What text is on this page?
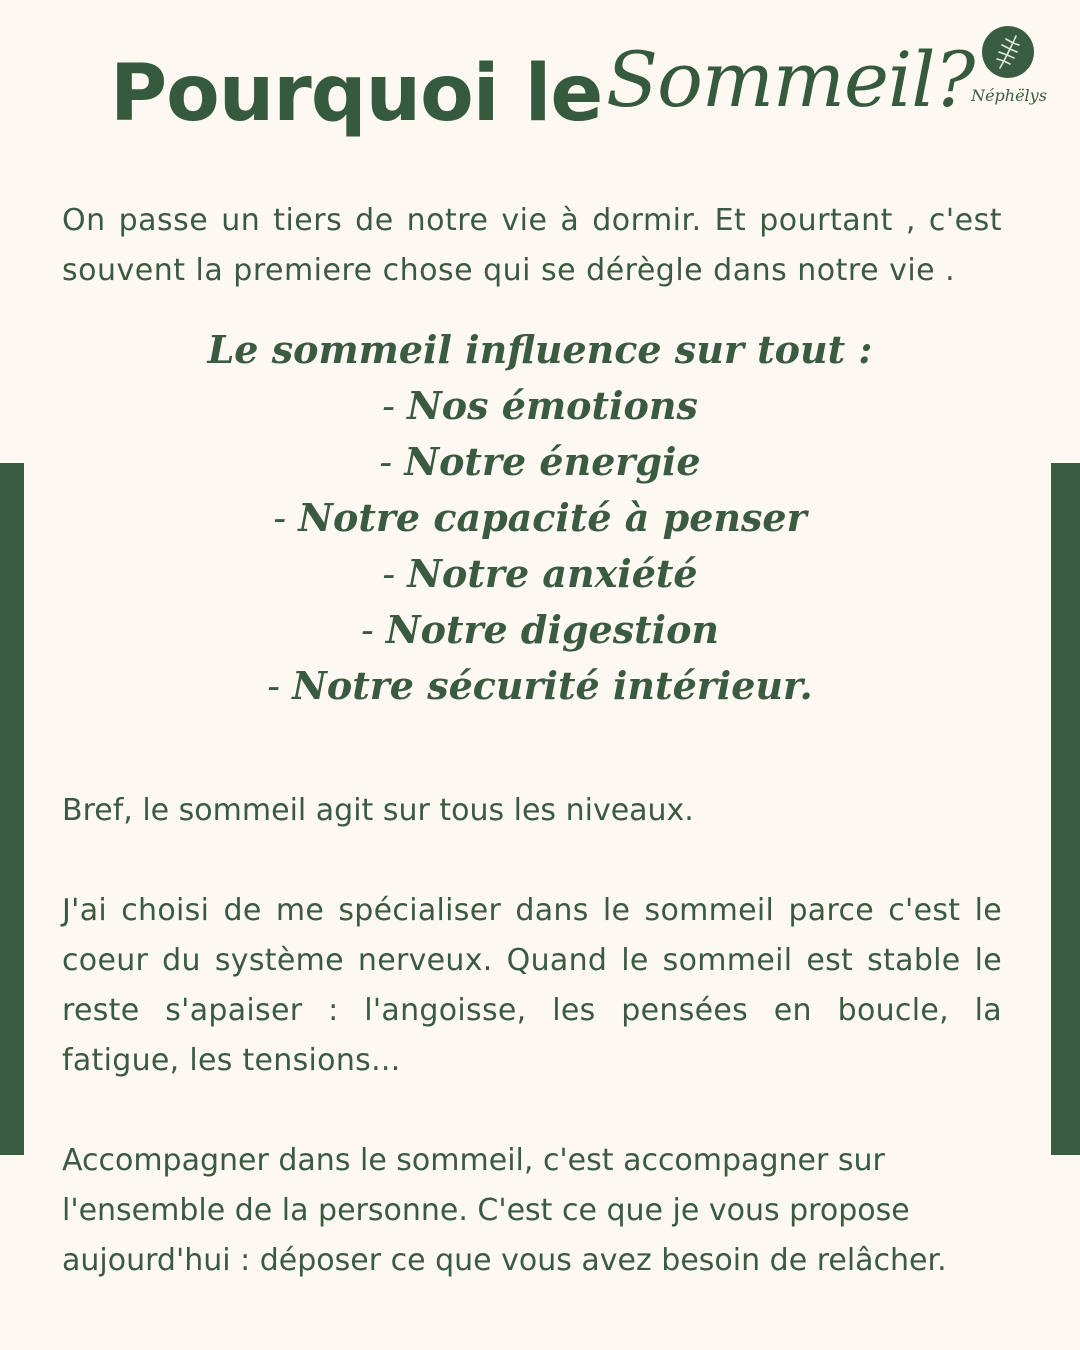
Pourquoi le Sommeil?
Néphëlys

On passe un tiers de notre vie à dormir. Et pourtant , c'est souvent la premiere chose qui se dérègle dans notre vie .

Le sommeil influence sur tout :
- Nos émotions
- Notre énergie
- Notre capacité à penser
- Notre anxiété
- Notre digestion
- Notre sécurité intérieur.

Bref, le sommeil agit sur tous les niveaux.

J'ai choisi de me spécialiser dans le sommeil parce c'est le coeur du système nerveux. Quand le sommeil est stable le reste s'apaiser : l'angoisse, les pensées en boucle, la fatigue, les tensions...

Accompagner dans le sommeil, c'est accompagner sur l'ensemble de la personne. C'est ce que je vous propose aujourd'hui : déposer ce que vous avez besoin de relâcher.
